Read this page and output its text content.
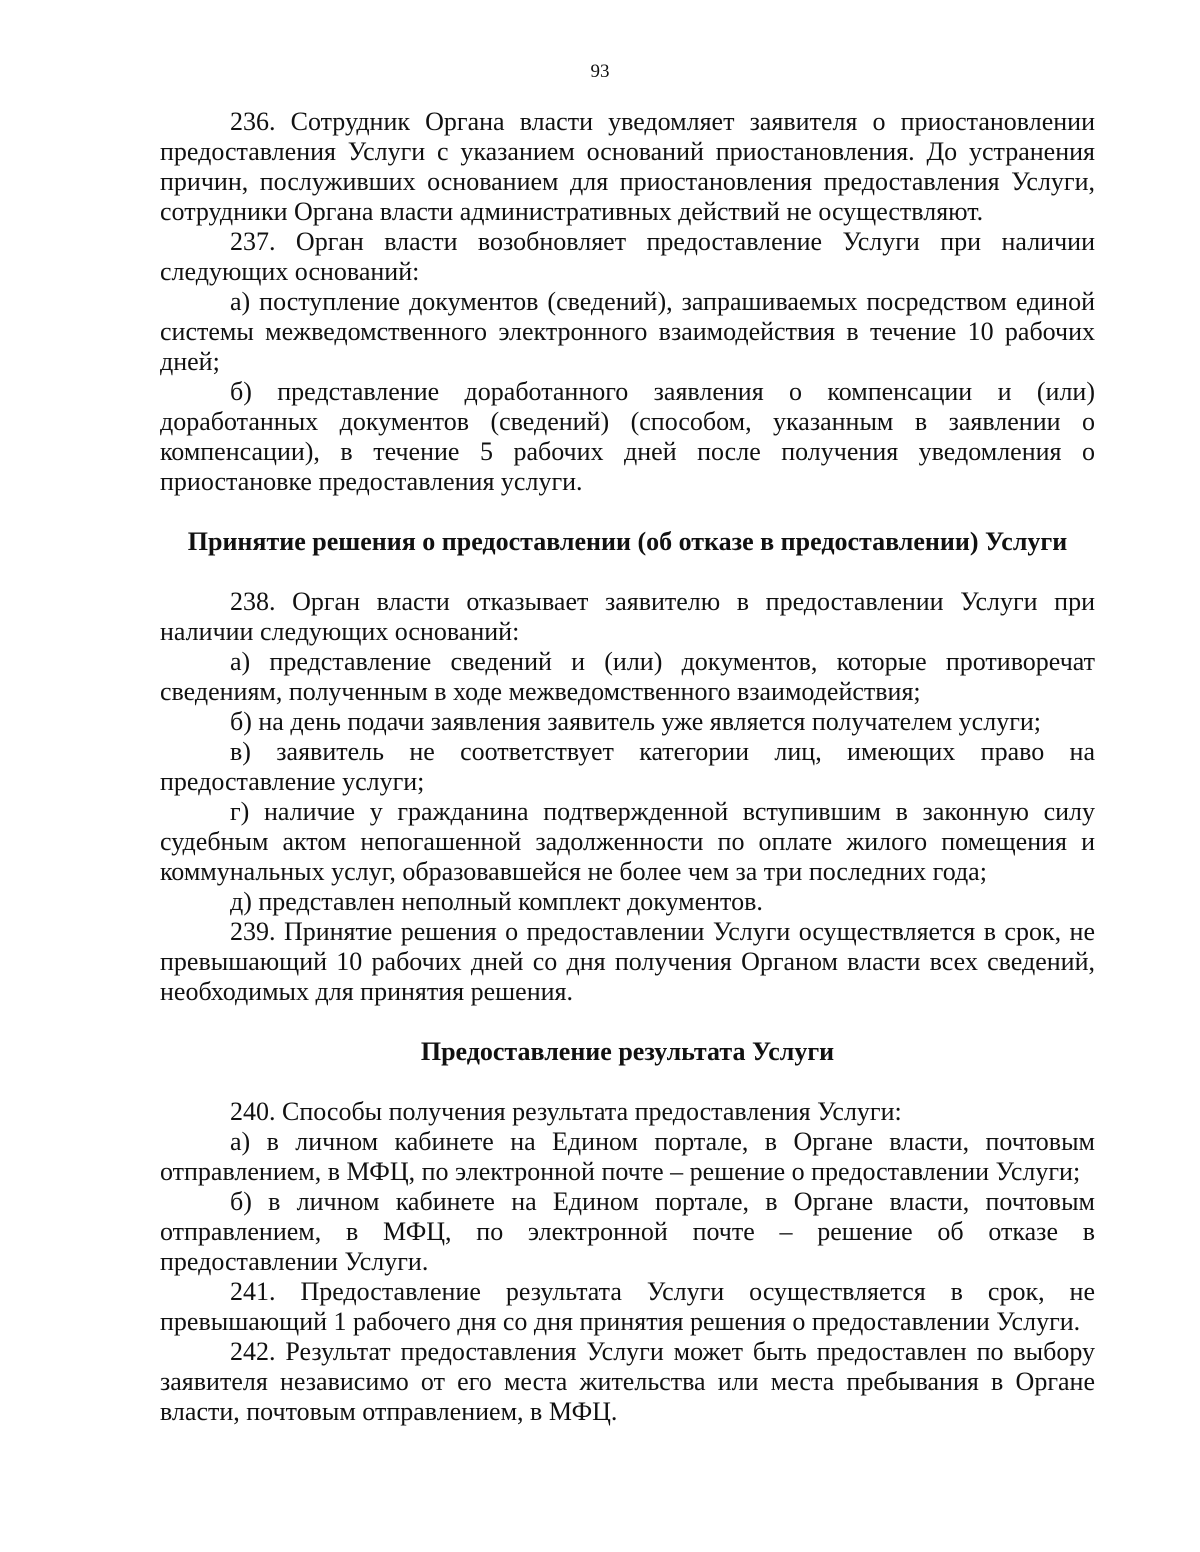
93

236. Сотрудник Органа власти уведомляет заявителя о приостановлении предоставления Услуги с указанием оснований приостановления. До устранения причин, послуживших основанием для приостановления предоставления Услуги, сотрудники Органа власти административных действий не осуществляют.

237. Орган власти возобновляет предоставление Услуги при наличии следующих оснований:

а) поступление документов (сведений), запрашиваемых посредством единой системы межведомственного электронного взаимодействия в течение 10 рабочих дней;

б) представление доработанного заявления о компенсации и (или) доработанных документов (сведений) (способом, указанным в заявлении о компенсации), в течение 5 рабочих дней после получения уведомления о приостановке предоставления услуги.

Принятие решения о предоставлении (об отказе в предоставлении) Услуги

238. Орган власти отказывает заявителю в предоставлении Услуги при наличии следующих оснований:

а) представление сведений и (или) документов, которые противоречат сведениям, полученным в ходе межведомственного взаимодействия;

б) на день подачи заявления заявитель уже является получателем услуги;

в) заявитель не соответствует категории лиц, имеющих право на предоставление услуги;

г) наличие у гражданина подтвержденной вступившим в законную силу судебным актом непогашенной задолженности по оплате жилого помещения и коммунальных услуг, образовавшейся не более чем за три последних года;

д) представлен неполный комплект документов.

239. Принятие решения о предоставлении Услуги осуществляется в срок, не превышающий 10 рабочих дней со дня получения Органом власти всех сведений, необходимых для принятия решения.

Предоставление результата Услуги

240. Способы получения результата предоставления Услуги:

а) в личном кабинете на Едином портале, в Органе власти, почтовым отправлением, в МФЦ, по электронной почте – решение о предоставлении Услуги;

б) в личном кабинете на Едином портале, в Органе власти, почтовым отправлением, в МФЦ, по электронной почте – решение об отказе в предоставлении Услуги.

241. Предоставление результата Услуги осуществляется в срок, не превышающий 1 рабочего дня со дня принятия решения о предоставлении Услуги.

242. Результат предоставления Услуги может быть предоставлен по выбору заявителя независимо от его места жительства или места пребывания в Органе власти, почтовым отправлением, в МФЦ.
